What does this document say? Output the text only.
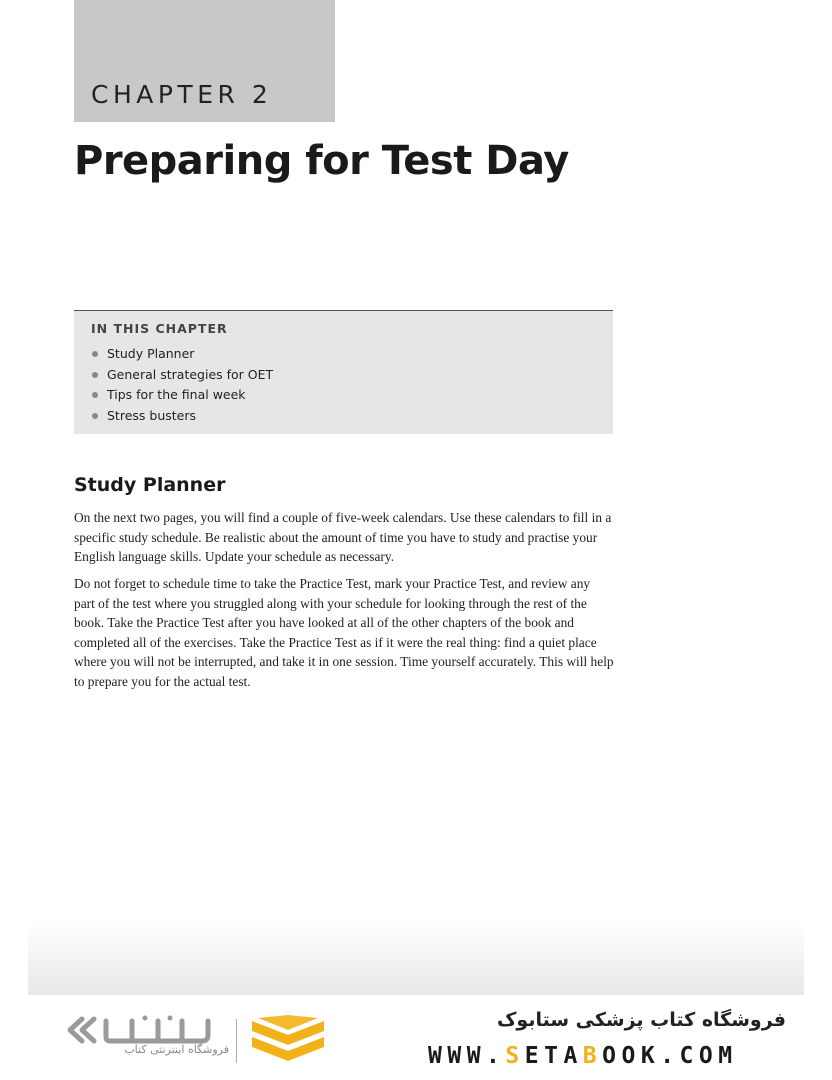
CHAPTER 2
Preparing for Test Day
IN THIS CHAPTER
Study Planner
General strategies for OET
Tips for the final week
Stress busters
Study Planner

On the next two pages, you will find a couple of five-week calendars. Use these calendars to fill in a specific study schedule. Be realistic about the amount of time you have to study and practise your English language skills. Update your schedule as necessary.

Do not forget to schedule time to take the Practice Test, mark your Practice Test, and review any part of the test where you struggled along with your schedule for looking through the rest of the book. Take the Practice Test after you have looked at all of the other chapters of the book and completed all of the exercises. Take the Practice Test as if it were the real thing: find a quiet place where you will not be interrupted, and take it in one session. Time yourself accurately. This will help to prepare you for the actual test.

فروشگاه اینترنتی کتاب
فروشگاه کتاب پزشکی ستابوک
WWW.SETABOOK.COM
